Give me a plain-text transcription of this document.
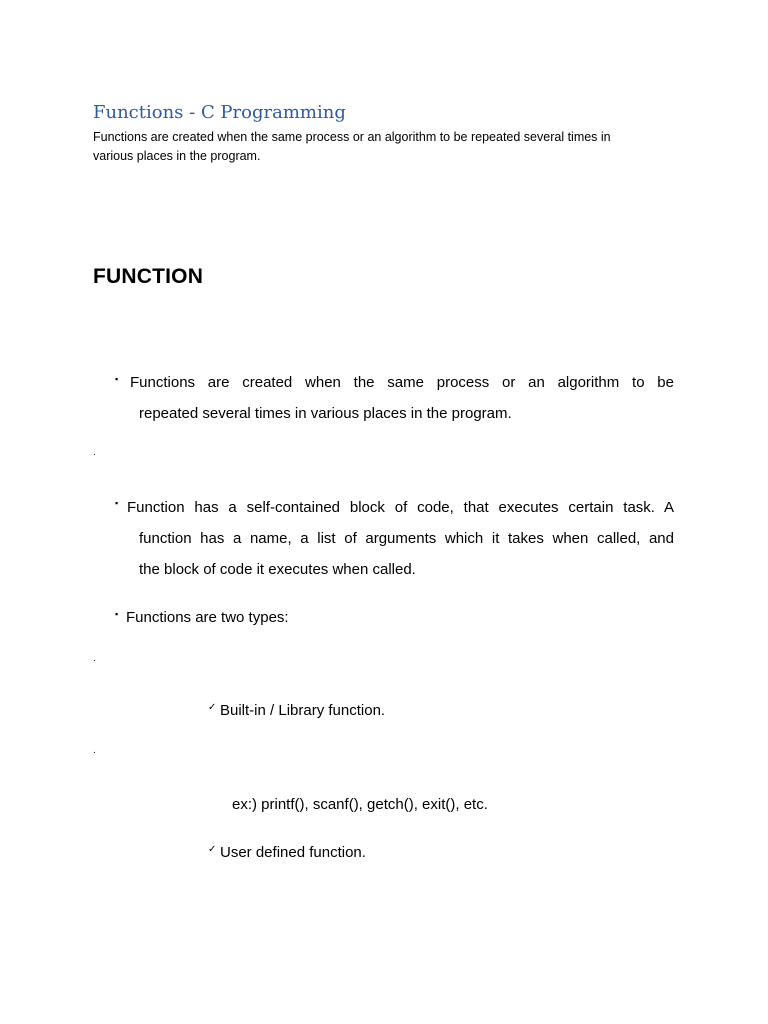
Functions - C Programming
Functions are created when the same process or an algorithm to be repeated several times in
various places in the program.
FUNCTION
▪ Functions are created when the same process or an algorithm to be
repeated several times in various places in the program.
.
▪ Function has a self-contained block of code, that executes certain task. A
function has a name, a list of arguments which it takes when called, and
the block of code it executes when called.
▪ Functions are two types:
.
✓ Built-in / Library function.
.
ex:) printf(), scanf(), getch(), exit(), etc.
✓ User defined function.
